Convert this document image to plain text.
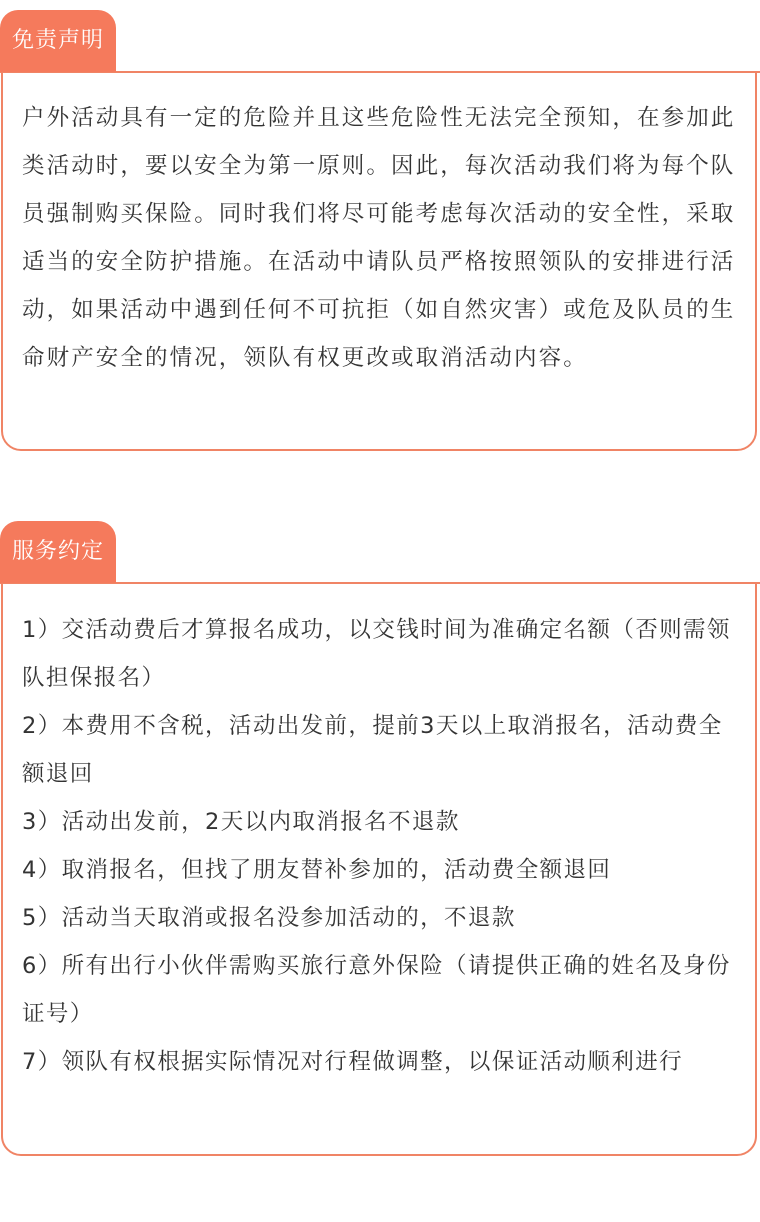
免责声明

户外活动具有一定的危险并且这些危险性无法完全预知，在参加此类活动时，要以安全为第一原则。因此，每次活动我们将为每个队员强制购买保险。同时我们将尽可能考虑每次活动的安全性，采取适当的安全防护措施。在活动中请队员严格按照领队的安排进行活动，如果活动中遇到任何不可抗拒（如自然灾害）或危及队员的生命财产安全的情况，领队有权更改或取消活动内容。

服务约定
1）交活动费后才算报名成功，以交钱时间为准确定名额（否则需领队担保报名）
2）本费用不含税，活动出发前，提前3天以上取消报名，活动费全额退回
3）活动出发前，2天以内取消报名不退款
4）取消报名，但找了朋友替补参加的，活动费全额退回
5）活动当天取消或报名没参加活动的，不退款
6）所有出行小伙伴需购买旅行意外保险（请提供正确的姓名及身份证号）
7）领队有权根据实际情况对行程做调整，以保证活动顺利进行
